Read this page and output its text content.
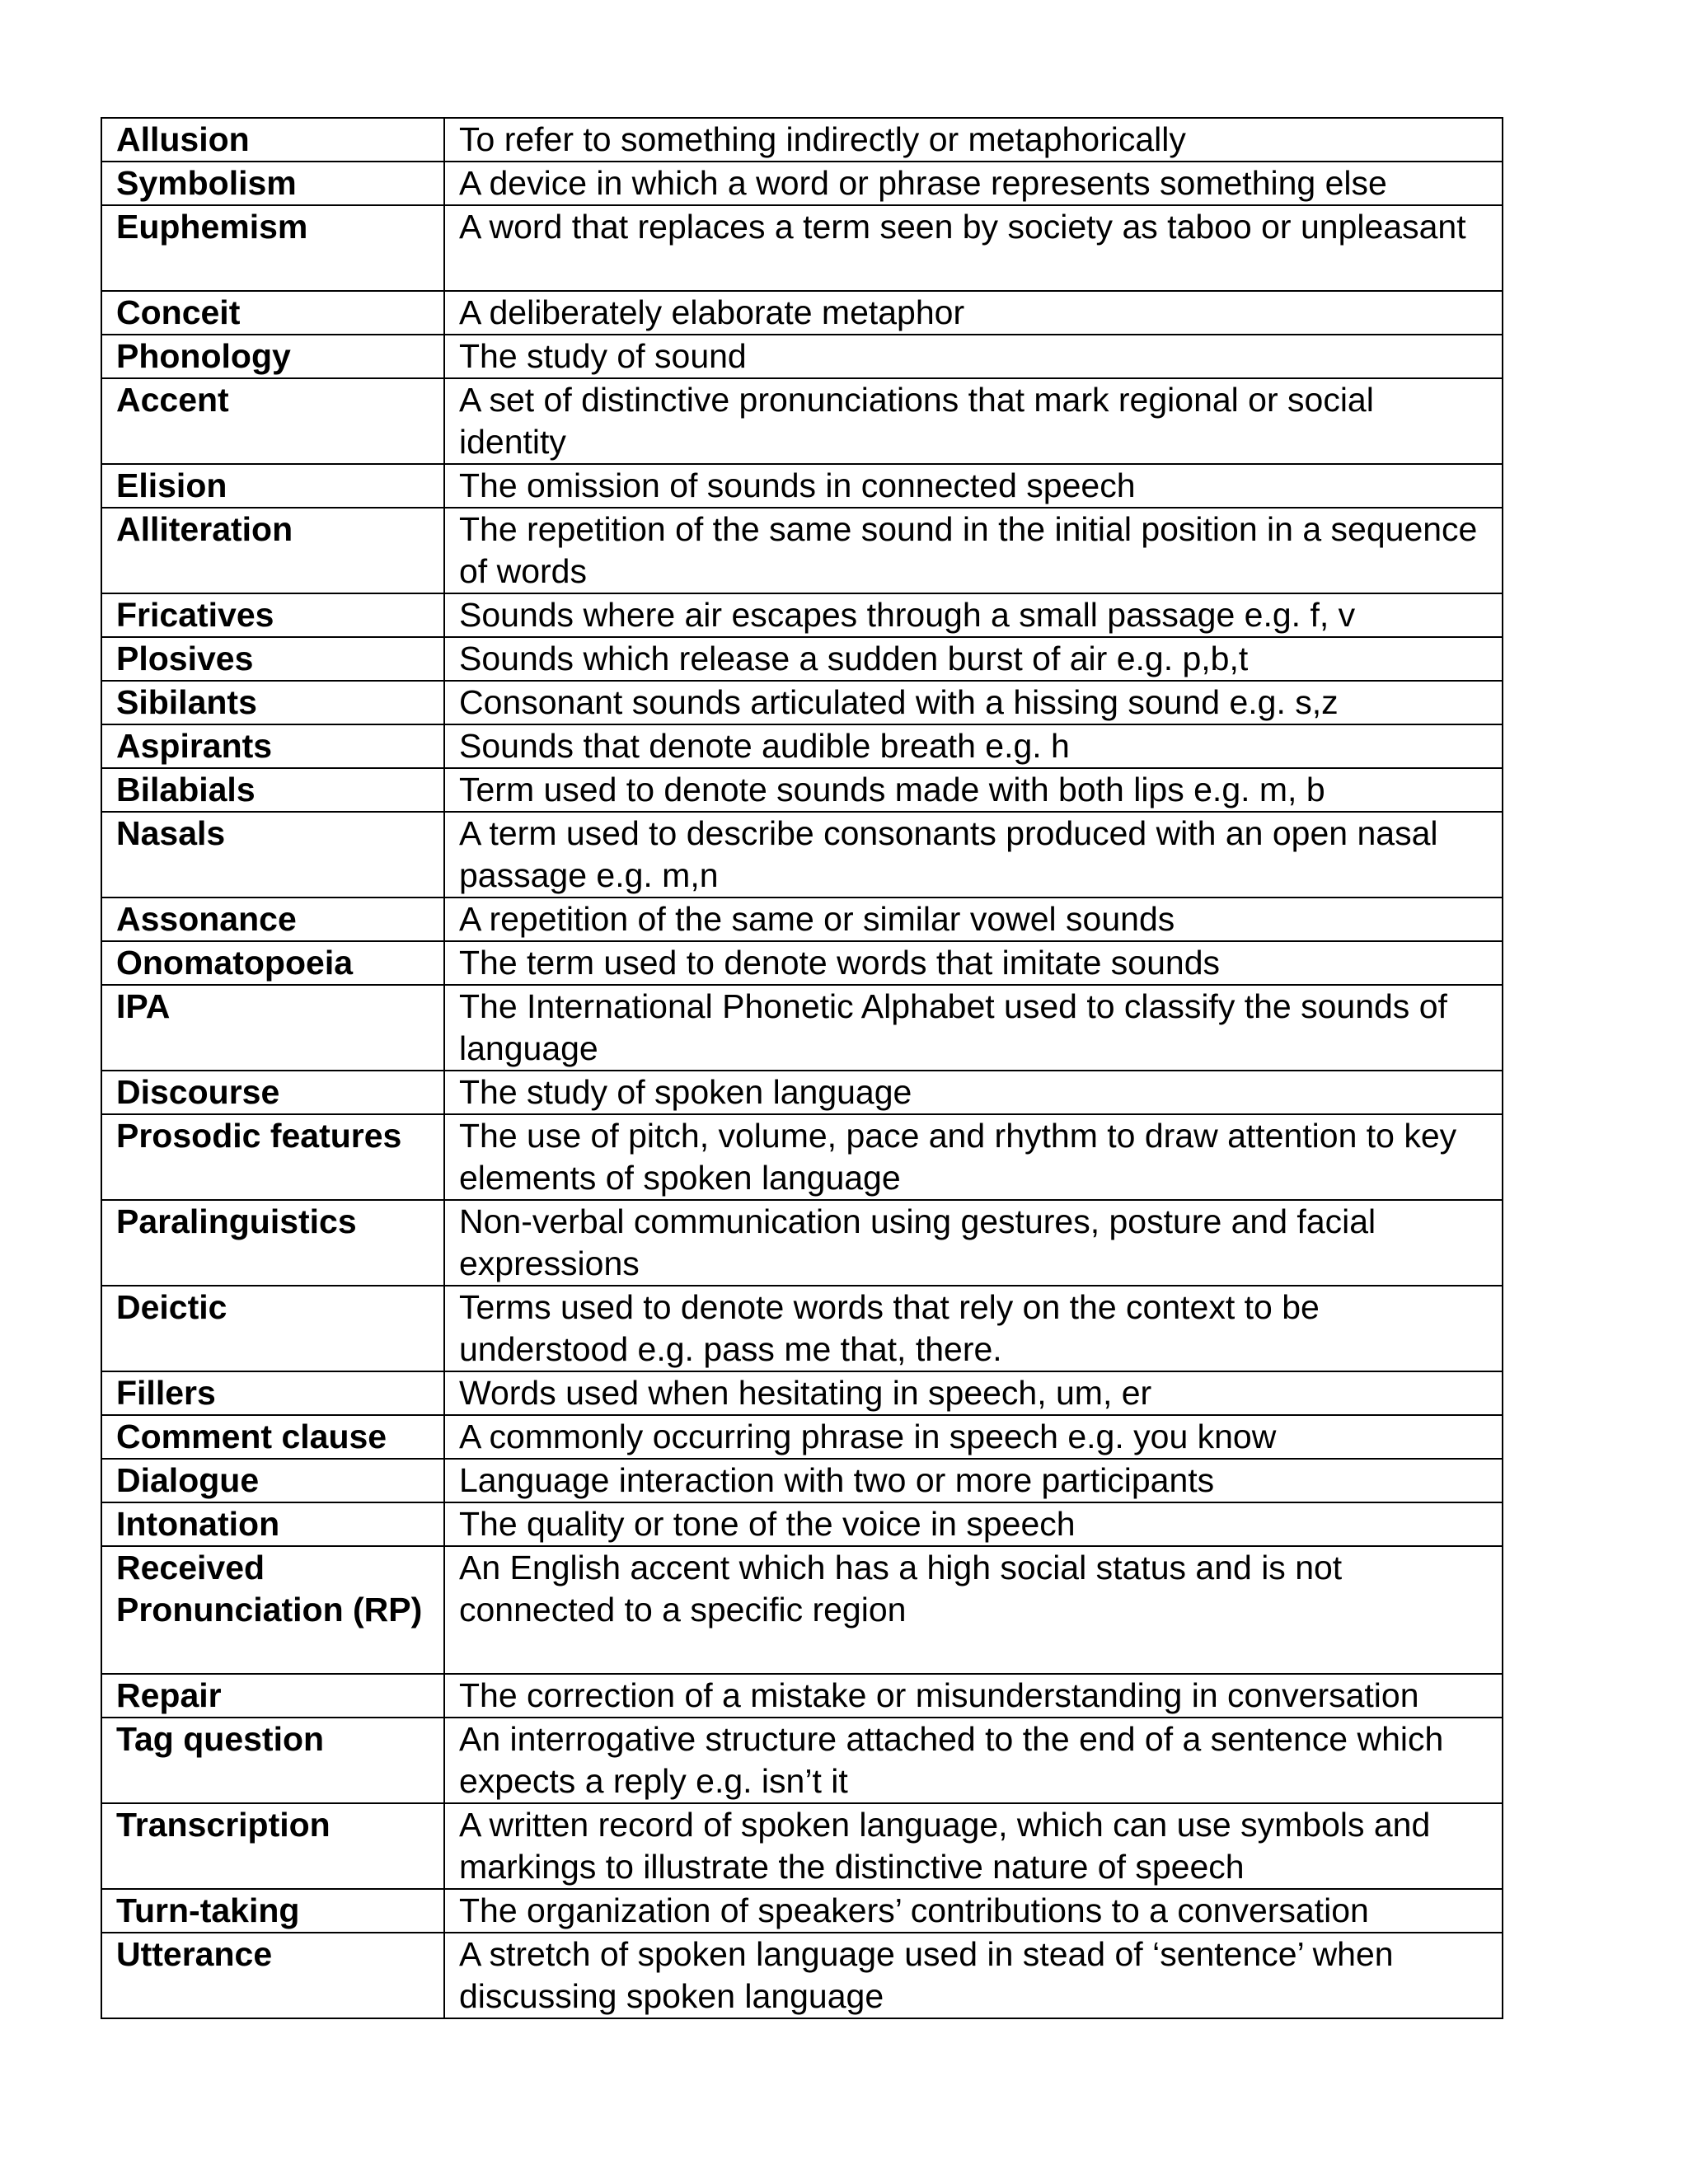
Allusion	To refer to something indirectly or metaphorically
Symbolism	A device in which a word or phrase represents something else
Euphemism	A word that replaces a term seen by society as taboo or unpleasant
Conceit	A deliberately elaborate metaphor
Phonology	The study of sound
Accent	A set of distinctive pronunciations that mark regional or social identity
Elision	The omission of sounds in connected speech
Alliteration	The repetition of the same sound in the initial position in a sequence of words
Fricatives	Sounds where air escapes through a small passage e.g. f, v
Plosives	Sounds which release a sudden burst of air e.g. p,b,t
Sibilants	Consonant sounds articulated with a hissing sound e.g. s,z
Aspirants	Sounds that denote audible breath e.g. h
Bilabials	Term used to denote sounds made with both lips e.g. m, b
Nasals	A term used to describe consonants produced with an open nasal passage e.g. m,n
Assonance	A repetition of the same or similar vowel sounds
Onomatopoeia	The term used to denote words that imitate sounds
IPA	The International Phonetic Alphabet used to classify the sounds of language
Discourse	The study of spoken language
Prosodic features	The use of pitch, volume, pace and rhythm to draw attention to key elements of spoken language
Paralinguistics	Non-verbal communication using gestures, posture and facial expressions
Deictic	Terms used to denote words that rely on the context to be understood e.g. pass me that, there.
Fillers	Words used when hesitating in speech, um, er
Comment clause	A commonly occurring phrase in speech e.g. you know
Dialogue	Language interaction with two or more participants
Intonation	The quality or tone of the voice in speech
Received Pronunciation (RP)	An English accent which has a high social status and is not connected to a specific region
Repair	The correction of a mistake or misunderstanding in conversation
Tag question	An interrogative structure attached to the end of a sentence which expects a reply e.g. isn’t it
Transcription	A written record of spoken language, which can use symbols and markings to illustrate the distinctive nature of speech
Turn-taking	The organization of speakers’ contributions to a conversation
Utterance	A stretch of spoken language used in stead of ‘sentence’ when discussing spoken language
